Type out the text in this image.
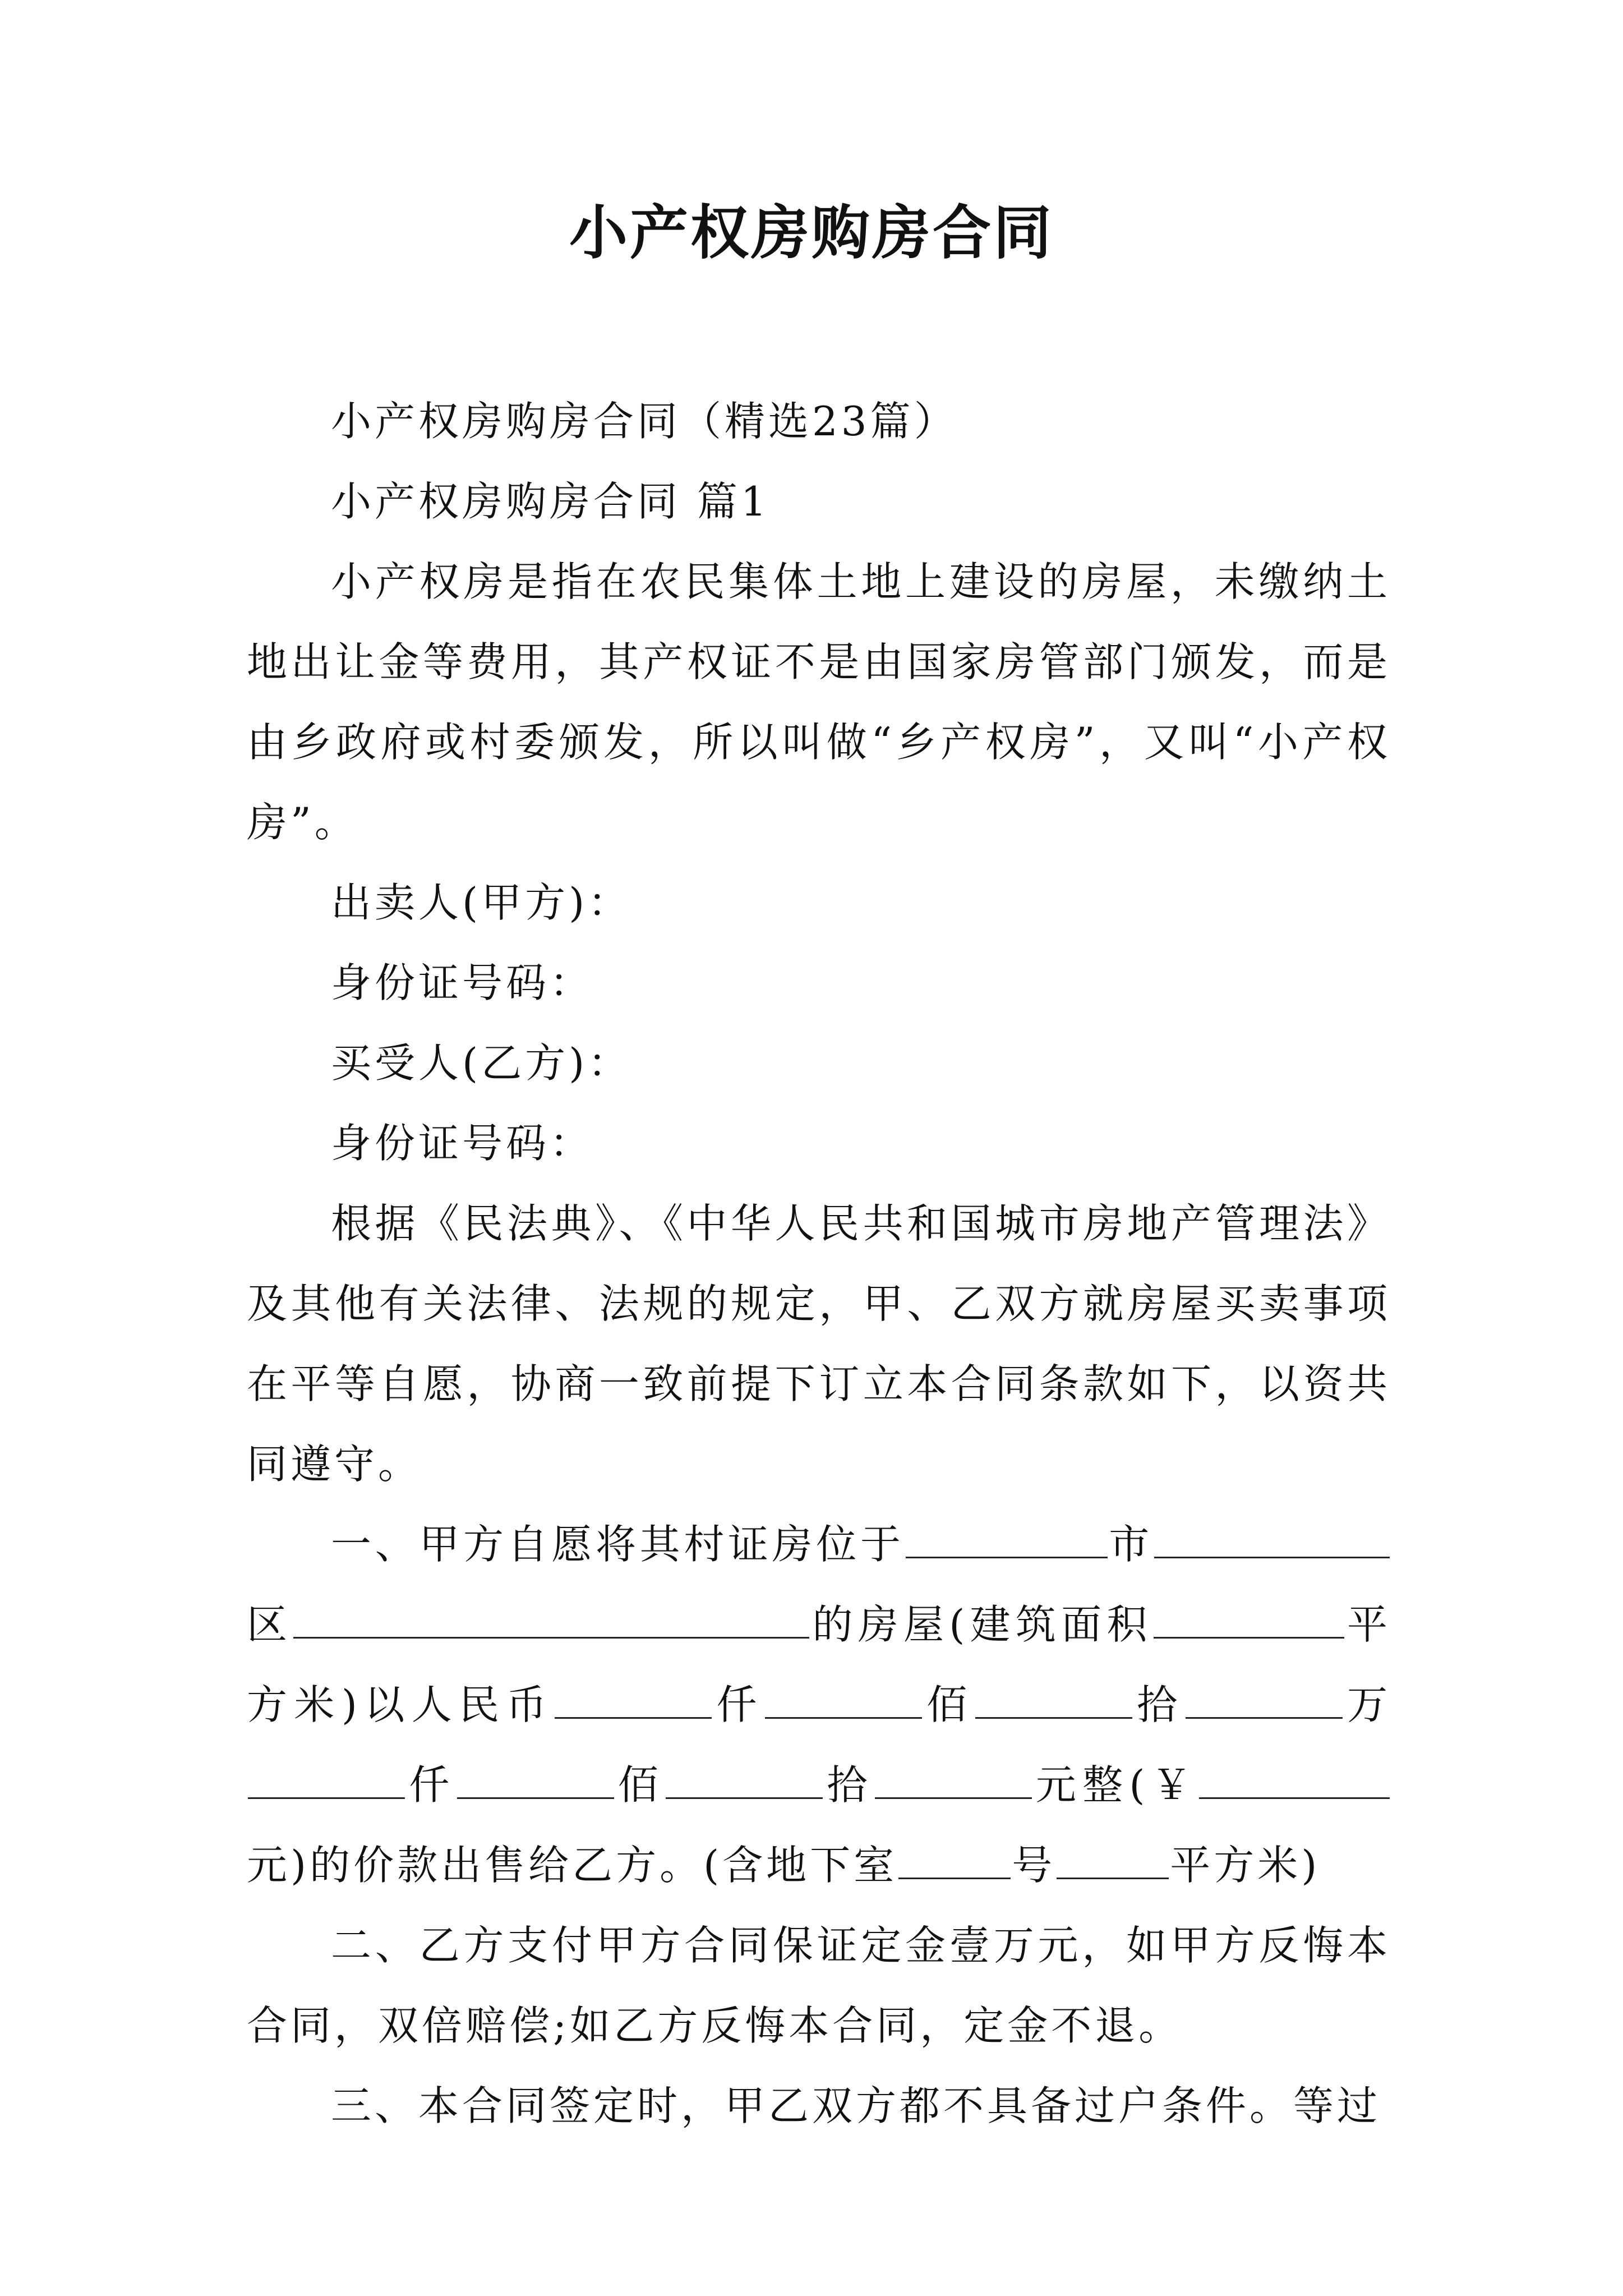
小产权房购房合同

小产权房购房合同（精选23篇）

小产权房购房合同 篇1

小产权房是指在农民集体土地上建设的房屋，未缴纳土地出让金等费用，其产权证不是由国家房管部门颁发，而是由乡政府或村委颁发，所以叫做“乡产权房”，又叫“小产权房”。

出卖人(甲方)：

身份证号码：

买受人(乙方)：

身份证号码：

根据《民法典》、《中华人民共和国城市房地产管理法》及其他有关法律、法规的规定，甲、乙双方就房屋买卖事项在平等自愿，协商一致前提下订立本合同条款如下，以资共同遵守。

一、甲方自愿将其村证房位于	市区	的房屋(建筑面积	平方米)以人民币	仟	佰	拾	万仟	佰	拾	元整(￥元)的价款出售给乙方。(含地下室	号	平方米)

二、乙方支付甲方合同保证定金壹万元，如甲方反悔本合同，双倍赔偿;如乙方反悔本合同，定金不退。

三、本合同签定时，甲乙双方都不具备过户条件。等过
